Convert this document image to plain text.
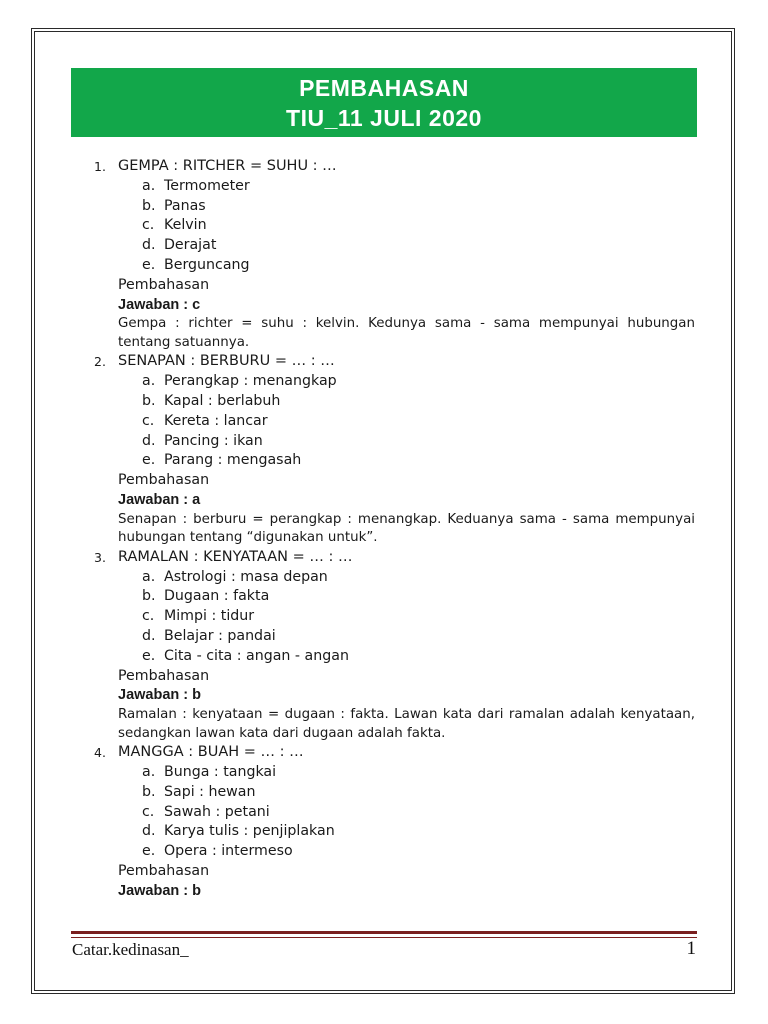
PEMBAHASAN
TIU_11 JULI 2020
1. GEMPA : RITCHER = SUHU : …
a. Termometer
b. Panas
c. Kelvin
d. Derajat
e. Berguncang
Pembahasan
Jawaban : c
Gempa : richter = suhu : kelvin. Kedunya sama - sama mempunyai hubungan tentang satuannya.
2. SENAPAN : BERBURU = … : …
a. Perangkap : menangkap
b. Kapal : berlabuh
c. Kereta : lancar
d. Pancing : ikan
e. Parang : mengasah
Pembahasan
Jawaban : a
Senapan : berburu = perangkap : menangkap. Keduanya sama - sama mempunyai hubungan tentang “digunakan untuk”.
3. RAMALAN : KENYATAAN = … : …
a. Astrologi : masa depan
b. Dugaan : fakta
c. Mimpi : tidur
d. Belajar : pandai
e. Cita - cita : angan - angan
Pembahasan
Jawaban : b
Ramalan : kenyataan = dugaan : fakta. Lawan kata dari ramalan adalah kenyataan, sedangkan lawan kata dari dugaan adalah fakta.
4. MANGGA : BUAH = … : …
a. Bunga : tangkai
b. Sapi : hewan
c. Sawah : petani
d. Karya tulis : penjiplakan
e. Opera : intermeso
Pembahasan
Jawaban : b
Catar.kedinasan_	1
